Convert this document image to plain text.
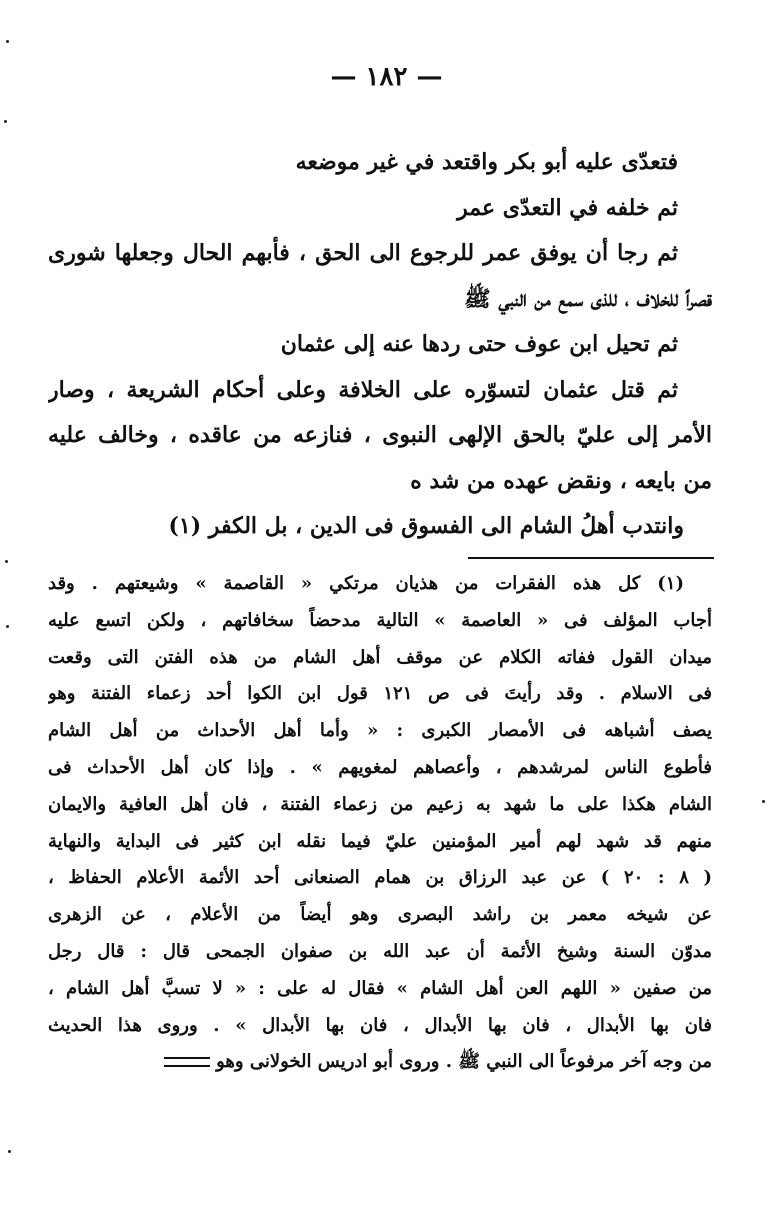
— ١٨٢ —
فتعدّى عليه أبو بكر واقتعد في غير موضعه
ثم خلفه في التعدّى عمر
ثم رجا أن يوفق عمر للرجوع الى الحق ، فأبهم الحال وجعلها شورى
قصراً للخلاف ، للذى سمع من النبي ﷺ
ثم تحيل ابن عوف حتى ردها عنه إلى عثمان
ثم قتل عثمان لتسوّره على الخلافة وعلى أحكام الشريعة ، وصار
الأمر إلى عليّ بالحق الإلهى النبوى ، فنازعه من عاقده ، وخالف عليه
من بايعه ، ونقض عهده من شد ه
وانتدب أهلُ الشام الى الفسوق فى الدين ، بل الكفر (١)
(١) كل هذه الفقرات من هذيان مرتكي « القاصمة » وشيعتهم . وقد
أجاب المؤلف فى « العاصمة » التالية مدحضاً سخافاتهم ، ولكن اتسع عليه
ميدان القول ففاته الكلام عن موقف أهل الشام من هذه الفتن التى وقعت
فى الاسلام . وقد رأيتَ فى ص ١٢١ قول ابن الكوا أحد زعماء الفتنة وهو
يصف أشباهه فى الأمصار الكبرى : « وأما أهل الأحداث من أهل الشام
فأطوع الناس لمرشدهم ، وأعصاهم لمغويهم » . وإذا كان أهل الأحداث فى
الشام هكذا على ما شهد به زعيم من زعماء الفتنة ، فان أهل العافية والايمان
منهم قد شهد لهم أمير المؤمنين عليّ فيما نقله ابن كثير فى البداية والنهاية
( ٨ : ٢٠ ) عن عبد الرزاق بن همام الصنعانى أحد الأئمة الأعلام الحفاظ ،
عن شيخه معمر بن راشد البصرى وهو أيضاً من الأعلام ، عن الزهرى
مدوّن السنة وشيخ الأئمة أن عبد الله بن صفوان الجمحى قال : قال رجل
من صفين « اللهم العن أهل الشام » فقال له على : « لا تسبَّ أهل الشام ،
فان بها الأبدال ، فان بها الأبدال ، فان بها الأبدال » . وروى هذا الحديث
من وجه آخر مرفوعاً الى النبي ﷺ . وروى أبو ادريس الخولانى وهو
